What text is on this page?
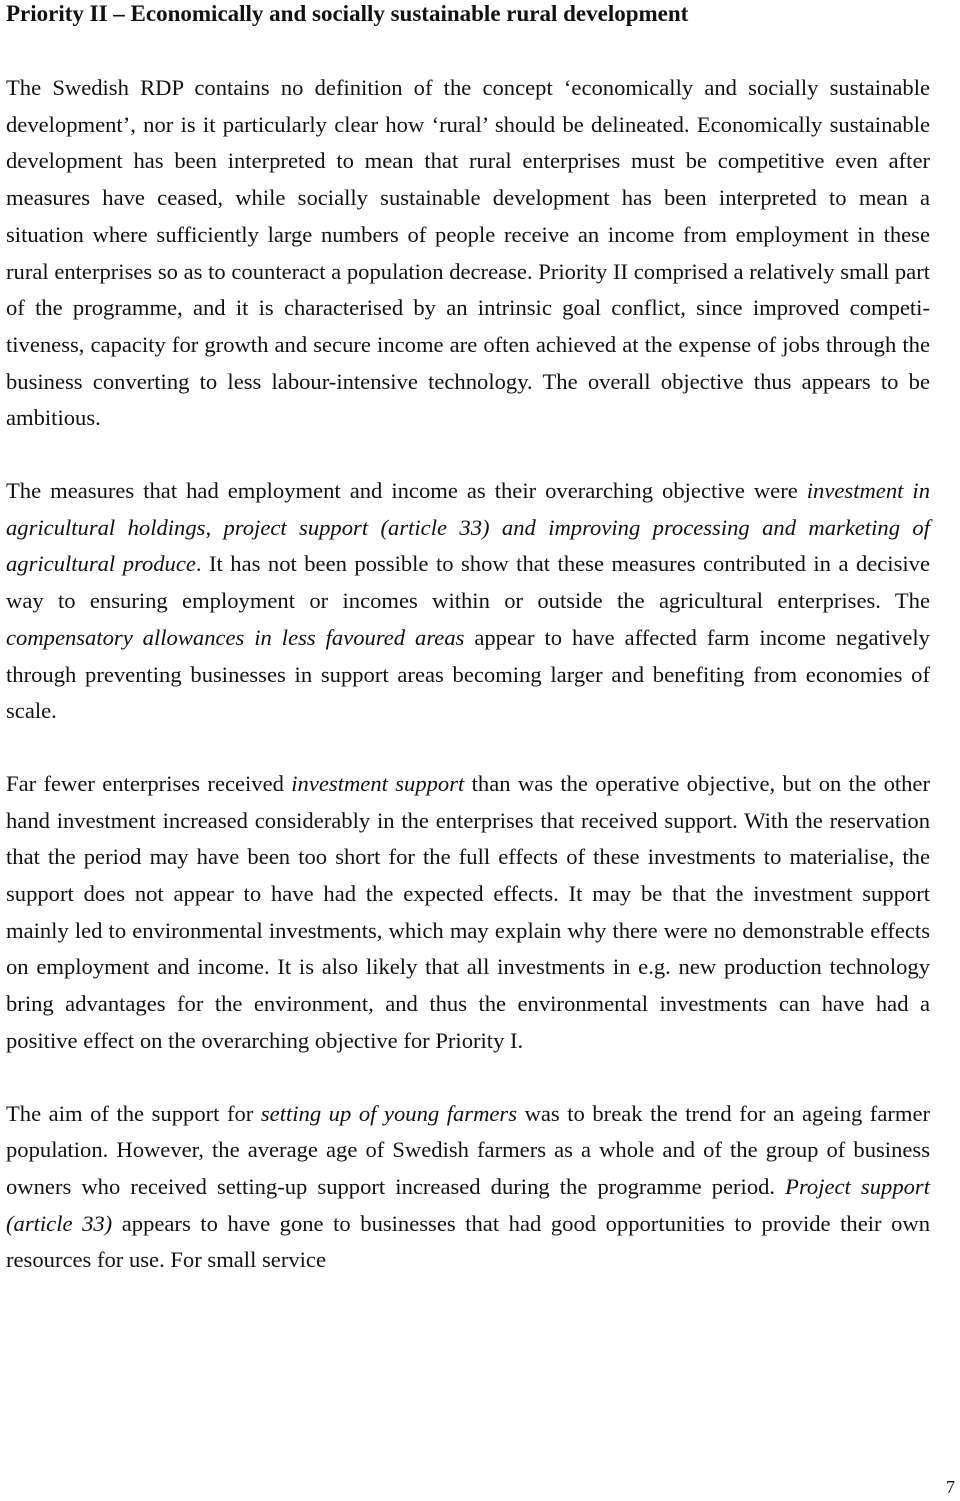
Priority II – Economically and socially sustainable rural development

The Swedish RDP contains no definition of the concept ‘economically and socially sustainable development’, nor is it particularly clear how ‘rural’ should be delineated. Economically sustainable development has been interpreted to mean that rural enterprises must be competitive even after measures have ceased, while socially sustainable development has been interpreted to mean a situation where sufficiently large numbers of people receive an income from employment in these rural enterprises so as to counteract a population decrease. Priority II comprised a relatively small part of the programme, and it is characterised by an intrinsic goal conflict, since improved competitiveness, capacity for growth and secure income are often achieved at the expense of jobs through the business converting to less labour-intensive technology. The overall objective thus appears to be ambitious.

The measures that had employment and income as their overarching objective were investment in agricultural holdings, project support (article 33) and improving processing and marketing of agricultural produce. It has not been possible to show that these measures contributed in a decisive way to ensuring employment or incomes within or outside the agricultural enterprises. The compensatory allowances in less favoured areas appear to have affected farm income negatively through preventing businesses in support areas becoming larger and benefiting from economies of scale.

Far fewer enterprises received investment support than was the operative objective, but on the other hand investment increased considerably in the enterprises that received support. With the reservation that the period may have been too short for the full effects of these investments to materialise, the support does not appear to have had the expected effects. It may be that the investment support mainly led to environmental investments, which may explain why there were no demonstrable effects on employment and income. It is also likely that all investments in e.g. new production technology bring advantages for the environment, and thus the environmental investments can have had a positive effect on the overarching objective for Priority I.

The aim of the support for setting up of young farmers was to break the trend for an ageing farmer population. However, the average age of Swedish farmers as a whole and of the group of business owners who received setting-up support increased during the programme period. Project support (article 33) appears to have gone to businesses that had good opportunities to provide their own resources for use. For small service

7
